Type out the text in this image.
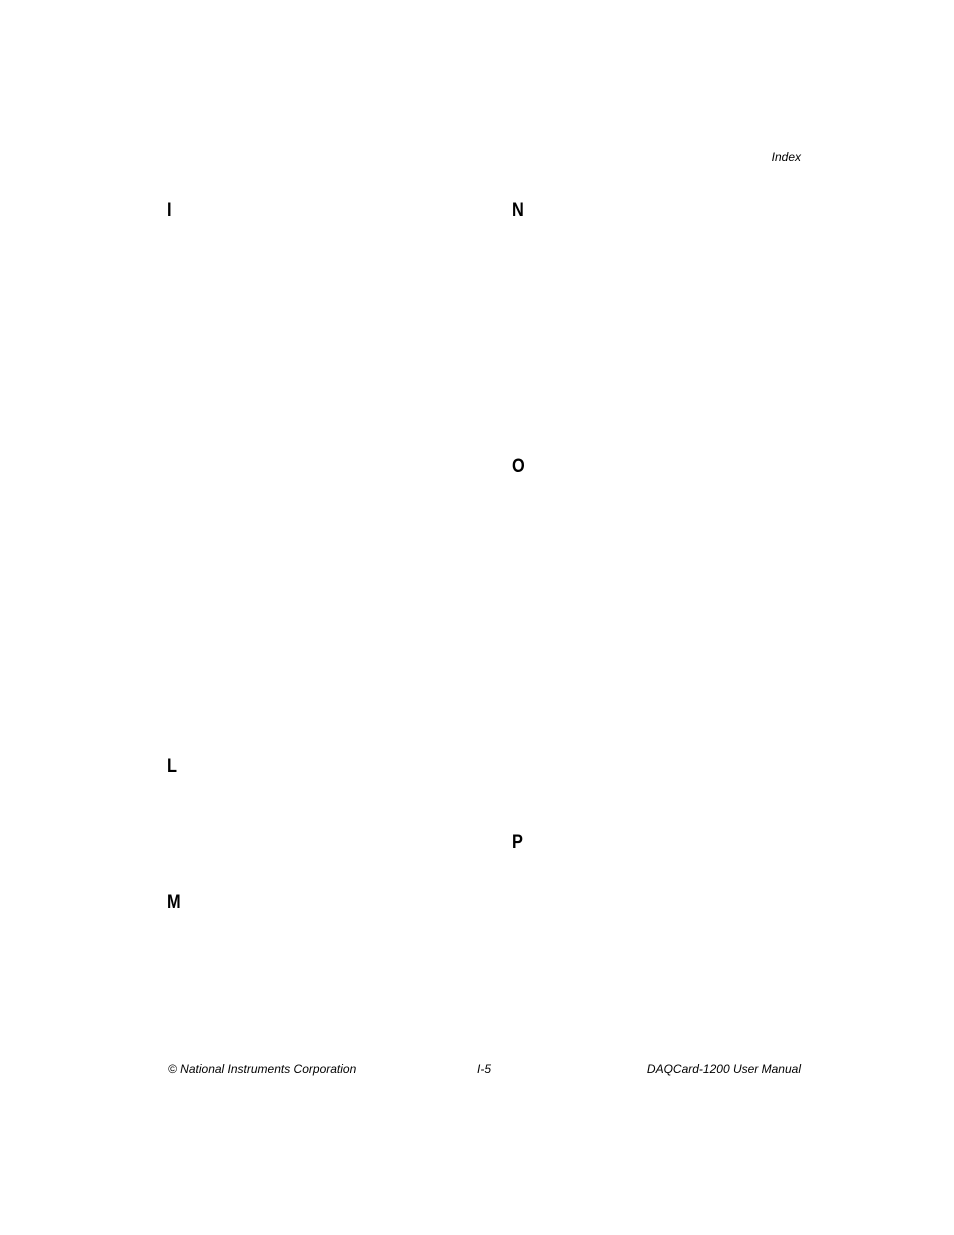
Index
I
L
M
N
O
P
© National Instruments Corporation	I-5	DAQCard-1200 User Manual
